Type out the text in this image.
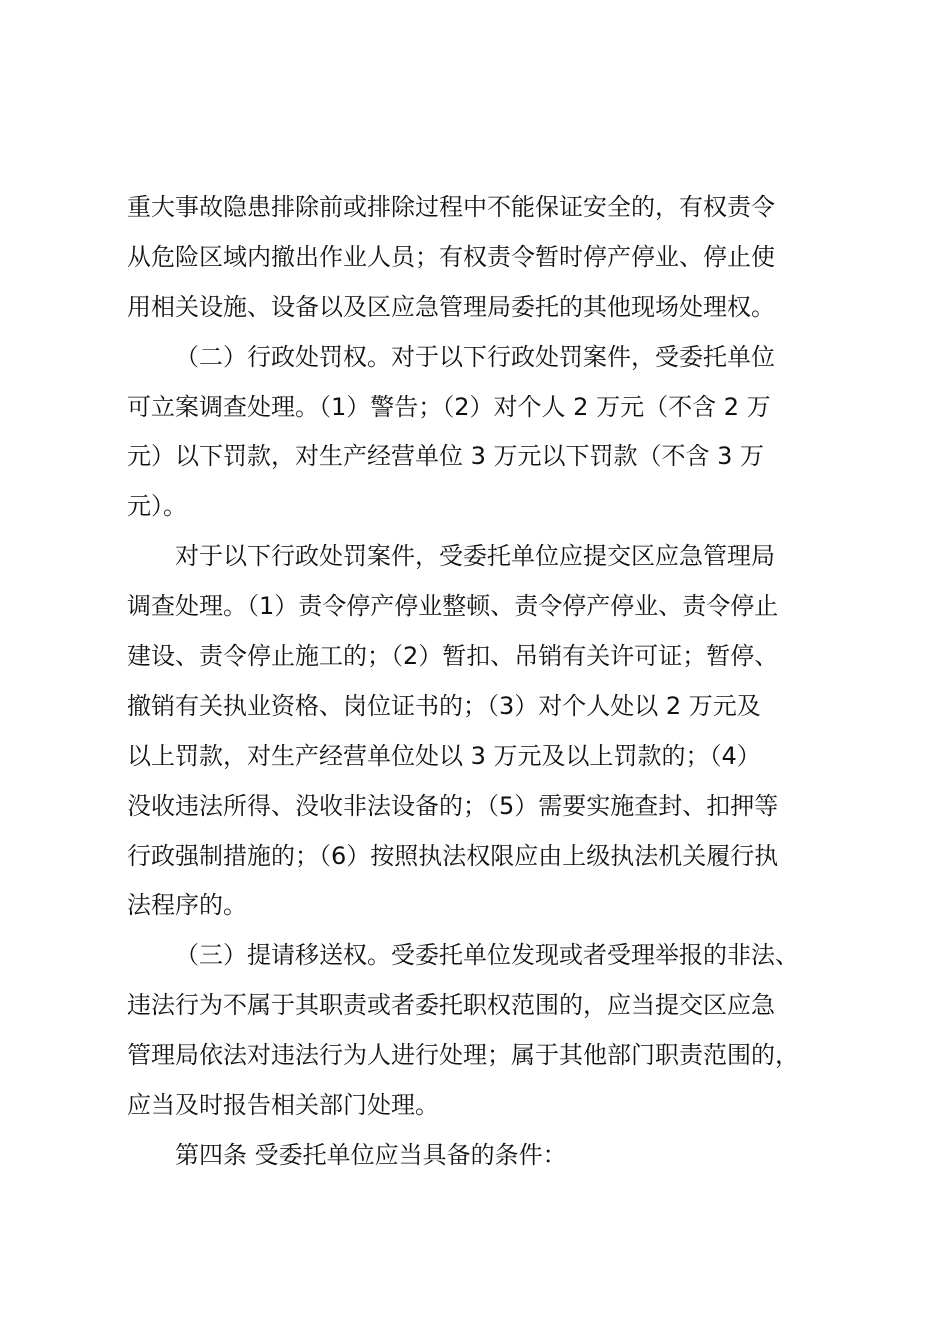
重大事故隐患排除前或排除过程中不能保证安全的，有权责令
从危险区域内撤出作业人员；有权责令暂时停产停业、停止使
用相关设施、设备以及区应急管理局委托的其他现场处理权。
（二）行政处罚权。对于以下行政处罚案件，受委托单位
可立案调查处理。（1）警告；（2）对个人 2 万元（不含 2 万
元）以下罚款，对生产经营单位 3 万元以下罚款（不含 3 万
元）。
对于以下行政处罚案件，受委托单位应提交区应急管理局
调查处理。（1）责令停产停业整顿、责令停产停业、责令停止
建设、责令停止施工的；（2）暂扣、吊销有关许可证；暂停、
撤销有关执业资格、岗位证书的；（3）对个人处以 2 万元及
以上罚款，对生产经营单位处以 3 万元及以上罚款的；（4）
没收违法所得、没收非法设备的；（5）需要实施查封、扣押等
行政强制措施的；（6）按照执法权限应由上级执法机关履行执
法程序的。
（三）提请移送权。受委托单位发现或者受理举报的非法、
违法行为不属于其职责或者委托职权范围的，应当提交区应急
管理局依法对违法行为人进行处理；属于其他部门职责范围的，
应当及时报告相关部门处理。
第四条 受委托单位应当具备的条件：
